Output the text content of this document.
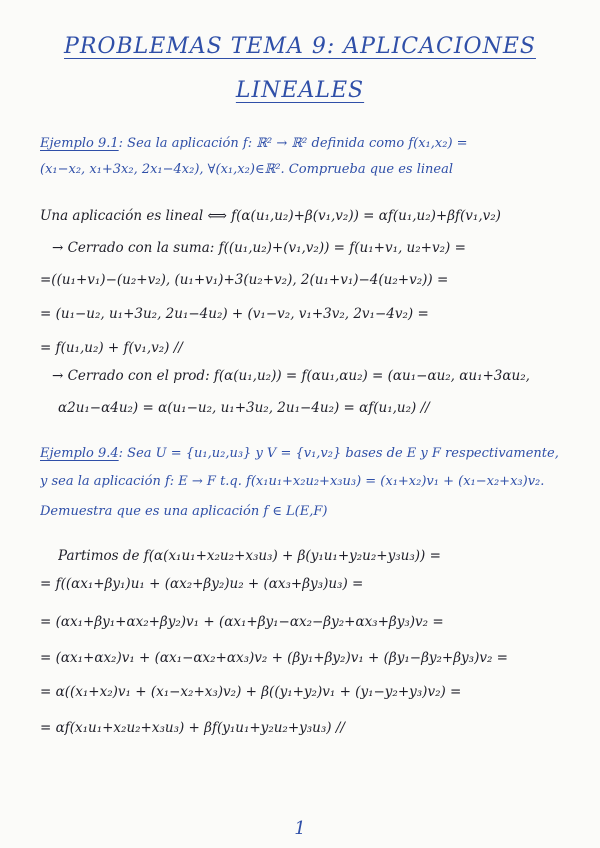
PROBLEMAS TEMA 9: APLICACIONES
LINEALES
Ejemplo 9.1: Sea la aplicación f: ℝ² → ℝ² definida como f(x₁,x₂) =
(x₁−x₂, x₁+3x₂, 2x₁−4x₂), ∀(x₁,x₂)∈ℝ². Comprueba que es lineal
Una aplicación es lineal ⟺ f(α(u₁,u₂)+β(v₁,v₂)) = αf(u₁,u₂)+βf(v₁,v₂)
→ Cerrado con la suma: f((u₁,u₂)+(v₁,v₂)) = f(u₁+v₁, u₂+v₂) =
=((u₁+v₁)−(u₂+v₂), (u₁+v₁)+3(u₂+v₂), 2(u₁+v₁)−4(u₂+v₂)) =
= (u₁−u₂, u₁+3u₂, 2u₁−4u₂) + (v₁−v₂, v₁+3v₂, 2v₁−4v₂) =
= f(u₁,u₂) + f(v₁,v₂) //
→ Cerrado con el prod: f(α(u₁,u₂)) = f(αu₁,αu₂) = (αu₁−αu₂, αu₁+3αu₂,
α2u₁−α4u₂) = α(u₁−u₂, u₁+3u₂, 2u₁−4u₂) = αf(u₁,u₂) //
Ejemplo 9.4: Sea U = {u₁,u₂,u₃} y V = {v₁,v₂} bases de E y F respectivamente,
y sea la aplicación f: E → F t.q. f(x₁u₁+x₂u₂+x₃u₃) = (x₁+x₂)v₁ + (x₁−x₂+x₃)v₂.
Demuestra que es una aplicación f ∈ L(E,F)
Partimos de f(α(x₁u₁+x₂u₂+x₃u₃) + β(y₁u₁+y₂u₂+y₃u₃)) =
= f((αx₁+βy₁)u₁ + (αx₂+βy₂)u₂ + (αx₃+βy₃)u₃) =
= (αx₁+βy₁+αx₂+βy₂)v₁ + (αx₁+βy₁−αx₂−βy₂+αx₃+βy₃)v₂ =
= (αx₁+αx₂)v₁ + (αx₁−αx₂+αx₃)v₂ + (βy₁+βy₂)v₁ + (βy₁−βy₂+βy₃)v₂ =
= α((x₁+x₂)v₁ + (x₁−x₂+x₃)v₂) + β((y₁+y₂)v₁ + (y₁−y₂+y₃)v₂) =
= αf(x₁u₁+x₂u₂+x₃u₃) + βf(y₁u₁+y₂u₂+y₃u₃) //
1
